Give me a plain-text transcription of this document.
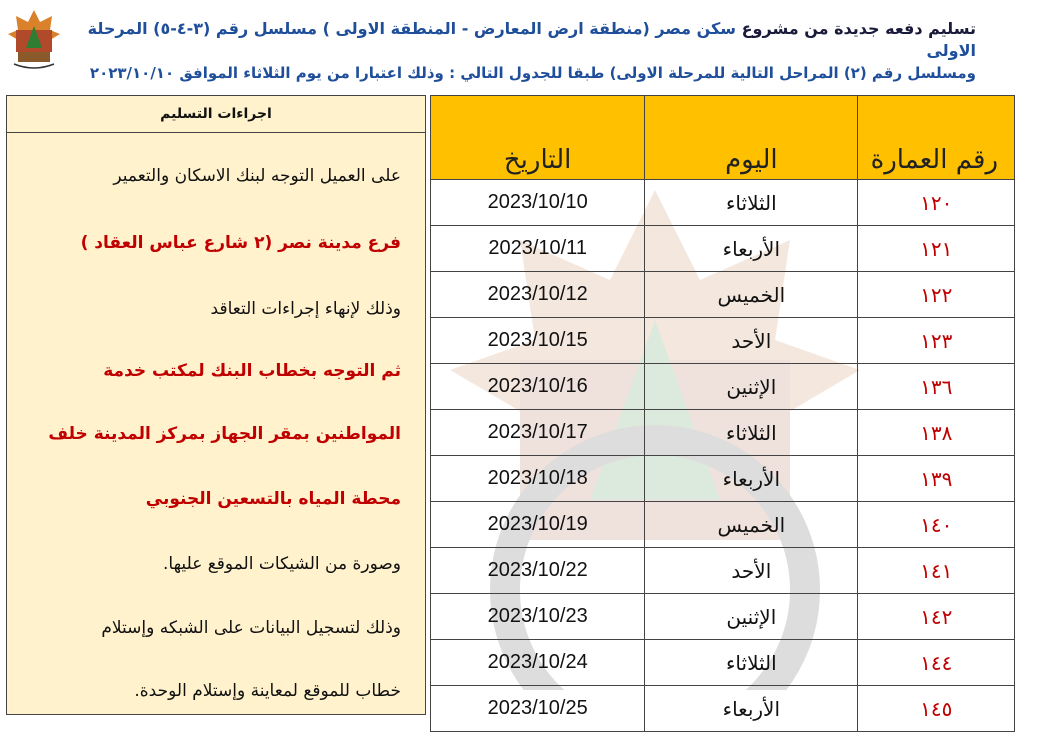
تسليم دفعه جديدة من مشروع سكن مصر (منطقة ارض المعارض - المنطقة الاولى ) مسلسل رقم (٣-٤-٥) المرحلة الاولى
ومسلسل رقم (٢) المراحل التالية للمرحلة الاولى) طبقا للجدول التالي : وذلك اعتبارا من يوم الثلاثاء الموافق ٢٠٢٣/١٠/١٠
اجراءات التسليم
على العميل التوجه لبنك الاسكان والتعمير
فرع مدينة نصر (٢ شارع عباس العقاد )
وذلك لإنهاء إجراءات التعاقد
ثم التوجه بخطاب البنك لمكتب خدمة
المواطنين بمقر الجهاز بمركز المدينة خلف
محطة المياه بالتسعين الجنوبي
وصورة من الشيكات الموقع عليها.
وذلك لتسجيل البيانات على الشبكه وإستلام
خطاب للموقع لمعاينة وإستلام الوحدة.
رقم العمارة	اليوم	التاريخ
١٢٠	الثلاثاء	2023/10/10
١٢١	الأربعاء	2023/10/11
١٢٢	الخميس	2023/10/12
١٢٣	الأحد	2023/10/15
١٣٦	الإثنين	2023/10/16
١٣٨	الثلاثاء	2023/10/17
١٣٩	الأربعاء	2023/10/18
١٤٠	الخميس	2023/10/19
١٤١	الأحد	2023/10/22
١٤٢	الإثنين	2023/10/23
١٤٤	الثلاثاء	2023/10/24
١٤٥	الأربعاء	2023/10/25
